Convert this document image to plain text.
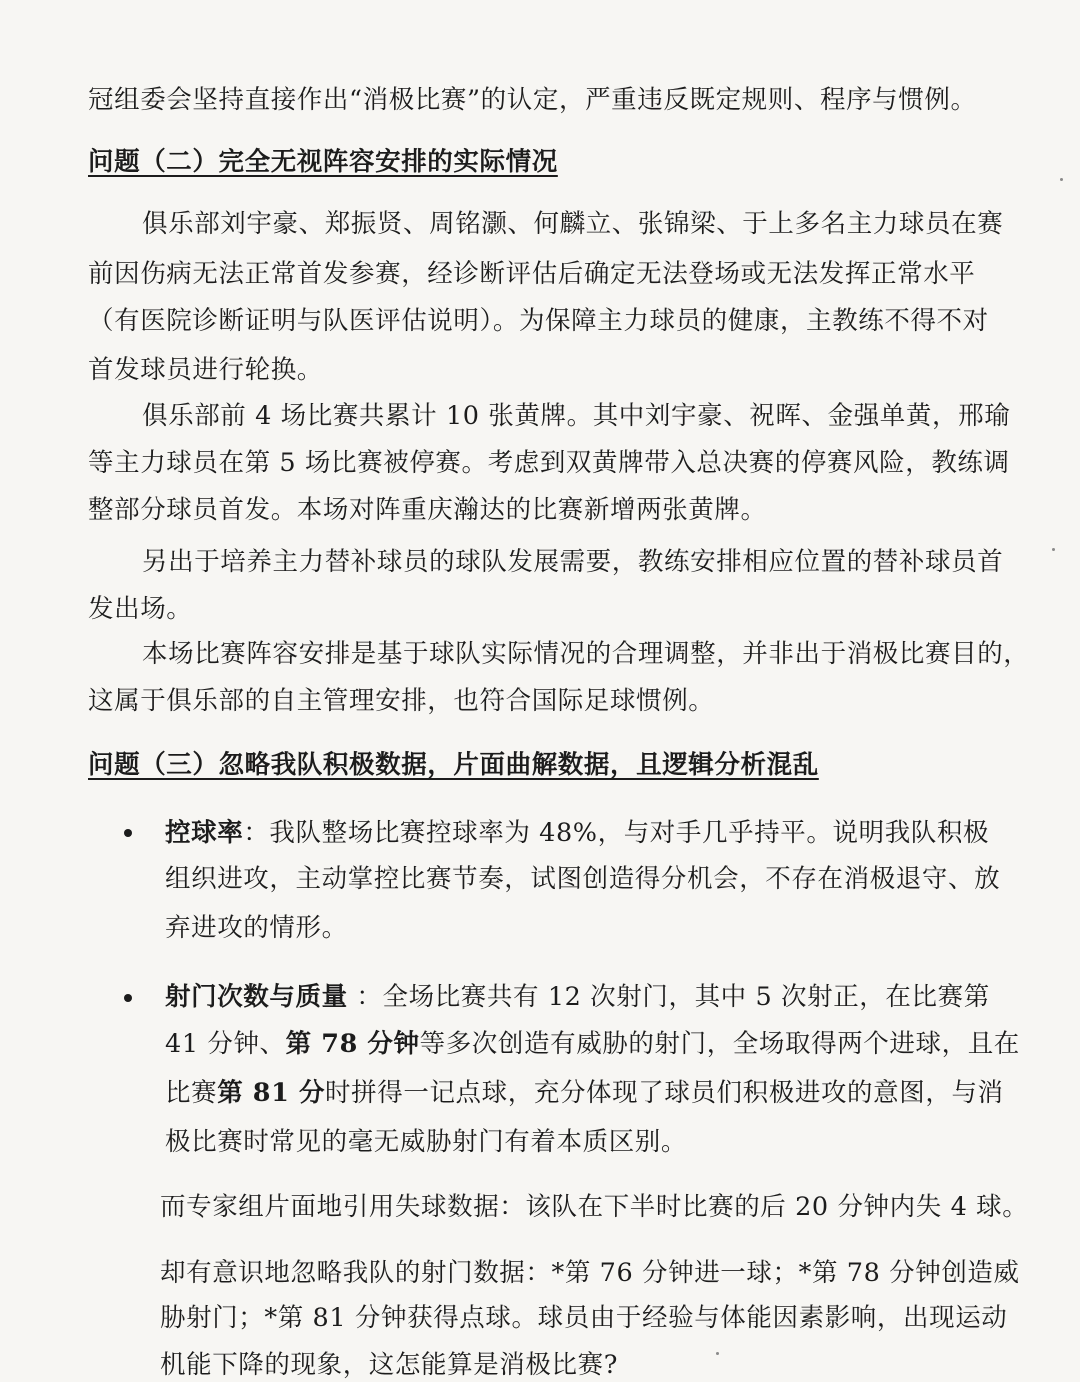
冠组委会坚持直接作出“消极比赛”的认定，严重违反既定规则、程序与惯例。
问题（二）完全无视阵容安排的实际情况
俱乐部刘宇豪、郑振贤、周铭灏、何麟立、张锦梁、于上多名主力球员在赛
前因伤病无法正常首发参赛，经诊断评估后确定无法登场或无法发挥正常水平
（有医院诊断证明与队医评估说明）。为保障主力球员的健康，主教练不得不对
首发球员进行轮换。
俱乐部前 4 场比赛共累计 10 张黄牌。其中刘宇豪、祝晖、金强单黄，邢瑜
等主力球员在第 5 场比赛被停赛。考虑到双黄牌带入总决赛的停赛风险，教练调
整部分球员首发。本场对阵重庆瀚达的比赛新增两张黄牌。
另出于培养主力替补球员的球队发展需要，教练安排相应位置的替补球员首
发出场。
本场比赛阵容安排是基于球队实际情况的合理调整，并非出于消极比赛目的，
这属于俱乐部的自主管理安排，也符合国际足球惯例。
问题（三）忽略我队积极数据，片面曲解数据，且逻辑分析混乱
控球率：我队整场比赛控球率为 48%，与对手几乎持平。说明我队积极
组织进攻，主动掌控比赛节奏，试图创造得分机会，不存在消极退守、放
弃进攻的情形。
射门次数与质量 ：全场比赛共有 12 次射门，其中 5 次射正，在比赛第
41 分钟、第 78 分钟等多次创造有威胁的射门，全场取得两个进球，且在
比赛第 81 分时拼得一记点球，充分体现了球员们积极进攻的意图，与消
极比赛时常见的毫无威胁射门有着本质区别。
而专家组片面地引用失球数据：该队在下半时比赛的后 20 分钟内失 4 球。
却有意识地忽略我队的射门数据：*第 76 分钟进一球；*第 78 分钟创造威
胁射门；*第 81 分钟获得点球。球员由于经验与体能因素影响，出现运动
机能下降的现象，这怎能算是消极比赛?
